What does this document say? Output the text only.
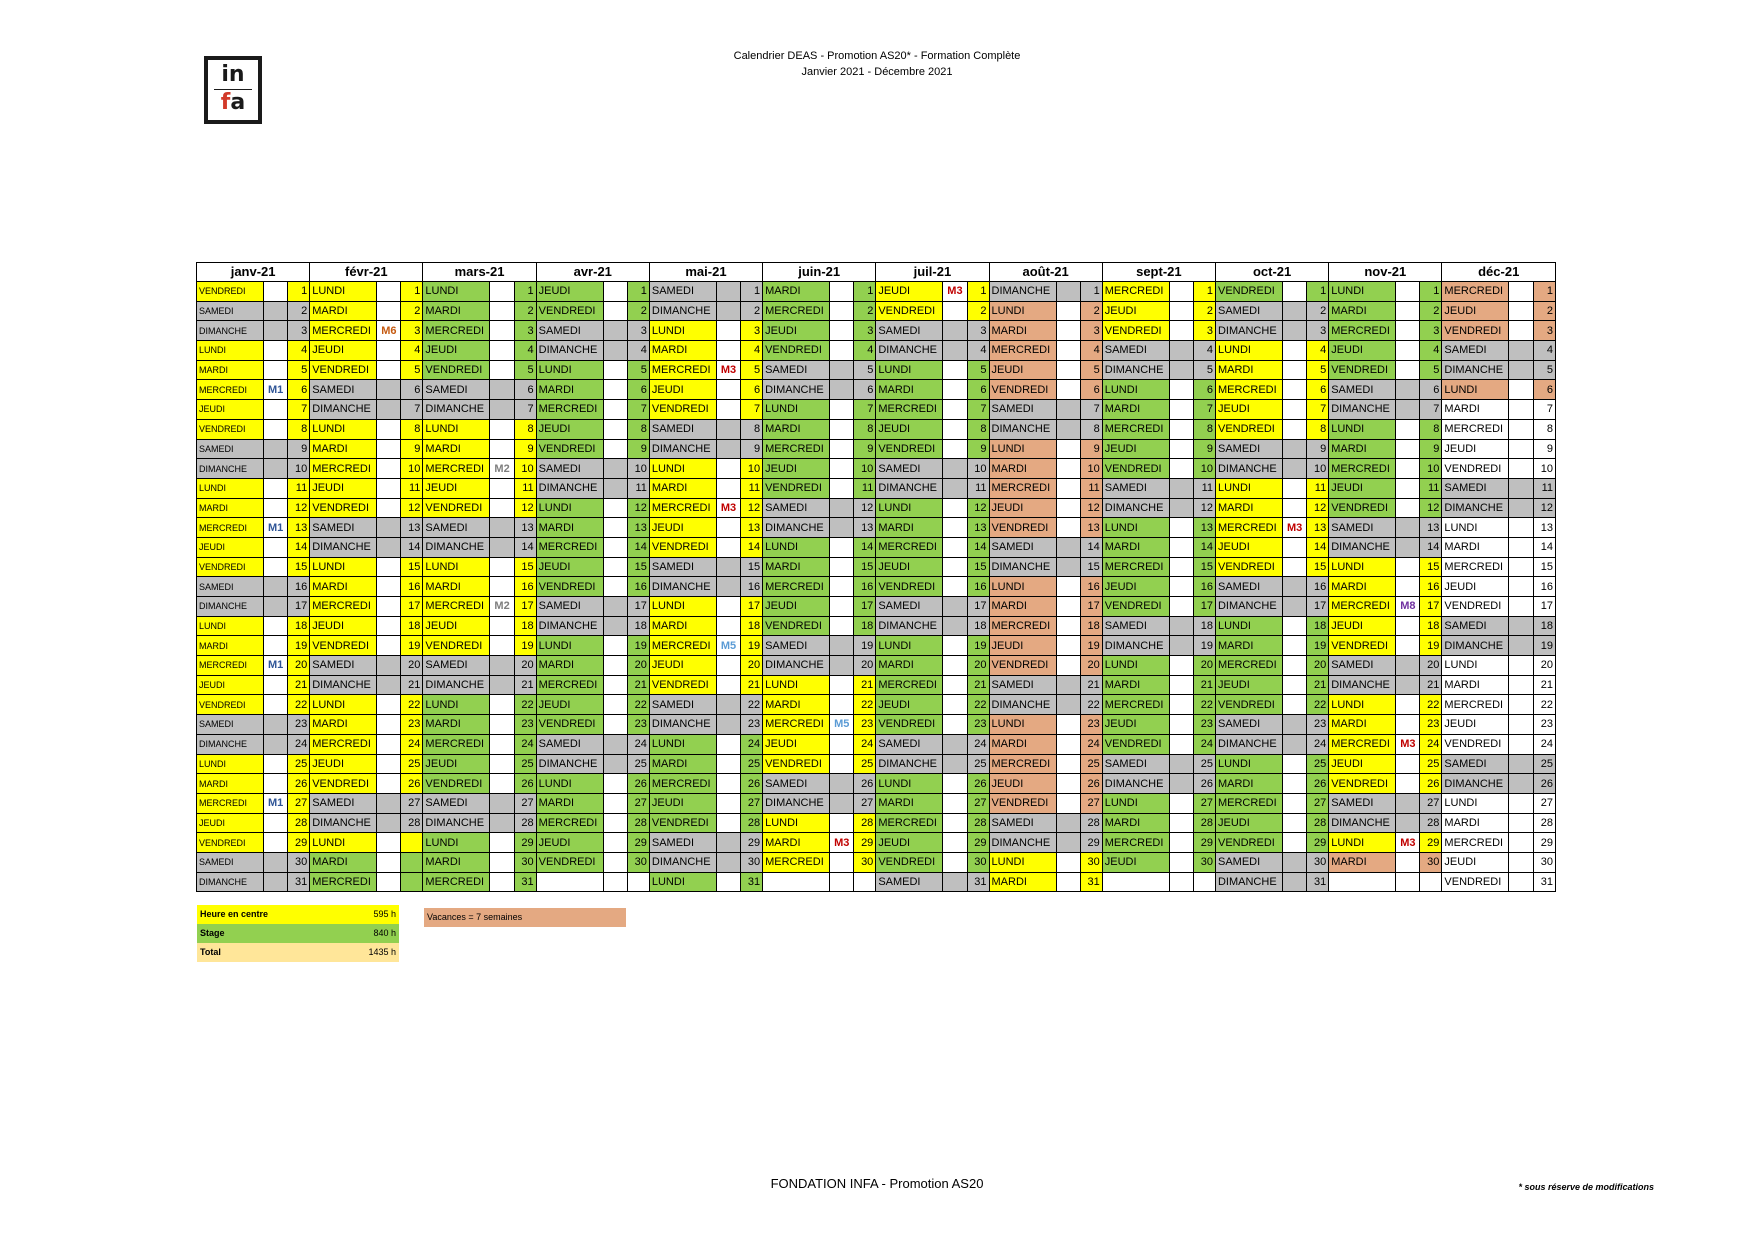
in
fa
Calendrier DEAS - Promotion AS20* - Formation Complète
Janvier 2021 - Décembre 2021
janv-21			févr-21			mars-21			avr-21			mai-21			juin-21			juil-21			août-21			sept-21			oct-21			nov-21			déc-21		
VENDREDI		1	LUNDI		1	LUNDI		1	JEUDI		1	SAMEDI		1	MARDI		1	JEUDI	M3	1	DIMANCHE		1	MERCREDI		1	VENDREDI		1	LUNDI		1	MERCREDI		1
SAMEDI		2	MARDI		2	MARDI		2	VENDREDI		2	DIMANCHE		2	MERCREDI		2	VENDREDI		2	LUNDI		2	JEUDI		2	SAMEDI		2	MARDI		2	JEUDI		2
DIMANCHE		3	MERCREDI	M6	3	MERCREDI		3	SAMEDI		3	LUNDI		3	JEUDI		3	SAMEDI		3	MARDI		3	VENDREDI		3	DIMANCHE		3	MERCREDI		3	VENDREDI		3
LUNDI		4	JEUDI		4	JEUDI		4	DIMANCHE		4	MARDI		4	VENDREDI		4	DIMANCHE		4	MERCREDI		4	SAMEDI		4	LUNDI		4	JEUDI		4	SAMEDI		4
MARDI		5	VENDREDI		5	VENDREDI		5	LUNDI		5	MERCREDI	M3	5	SAMEDI		5	LUNDI		5	JEUDI		5	DIMANCHE		5	MARDI		5	VENDREDI		5	DIMANCHE		5
MERCREDI	M1	6	SAMEDI		6	SAMEDI		6	MARDI		6	JEUDI		6	DIMANCHE		6	MARDI		6	VENDREDI		6	LUNDI		6	MERCREDI		6	SAMEDI		6	LUNDI		6
JEUDI		7	DIMANCHE		7	DIMANCHE		7	MERCREDI		7	VENDREDI		7	LUNDI		7	MERCREDI		7	SAMEDI		7	MARDI		7	JEUDI		7	DIMANCHE		7	MARDI		7
VENDREDI		8	LUNDI		8	LUNDI		8	JEUDI		8	SAMEDI		8	MARDI		8	JEUDI		8	DIMANCHE		8	MERCREDI		8	VENDREDI		8	LUNDI		8	MERCREDI		8
SAMEDI		9	MARDI		9	MARDI		9	VENDREDI		9	DIMANCHE		9	MERCREDI		9	VENDREDI		9	LUNDI		9	JEUDI		9	SAMEDI		9	MARDI		9	JEUDI		9
DIMANCHE		10	MERCREDI		10	MERCREDI	M2	10	SAMEDI		10	LUNDI		10	JEUDI		10	SAMEDI		10	MARDI		10	VENDREDI		10	DIMANCHE		10	MERCREDI		10	VENDREDI		10
LUNDI		11	JEUDI		11	JEUDI		11	DIMANCHE		11	MARDI		11	VENDREDI		11	DIMANCHE		11	MERCREDI		11	SAMEDI		11	LUNDI		11	JEUDI		11	SAMEDI		11
MARDI		12	VENDREDI		12	VENDREDI		12	LUNDI		12	MERCREDI	M3	12	SAMEDI		12	LUNDI		12	JEUDI		12	DIMANCHE		12	MARDI		12	VENDREDI		12	DIMANCHE		12
MERCREDI	M1	13	SAMEDI		13	SAMEDI		13	MARDI		13	JEUDI		13	DIMANCHE		13	MARDI		13	VENDREDI		13	LUNDI		13	MERCREDI	M3	13	SAMEDI		13	LUNDI		13
JEUDI		14	DIMANCHE		14	DIMANCHE		14	MERCREDI		14	VENDREDI		14	LUNDI		14	MERCREDI		14	SAMEDI		14	MARDI		14	JEUDI		14	DIMANCHE		14	MARDI		14
VENDREDI		15	LUNDI		15	LUNDI		15	JEUDI		15	SAMEDI		15	MARDI		15	JEUDI		15	DIMANCHE		15	MERCREDI		15	VENDREDI		15	LUNDI		15	MERCREDI		15
SAMEDI		16	MARDI		16	MARDI		16	VENDREDI		16	DIMANCHE		16	MERCREDI		16	VENDREDI		16	LUNDI		16	JEUDI		16	SAMEDI		16	MARDI		16	JEUDI		16
DIMANCHE		17	MERCREDI		17	MERCREDI	M2	17	SAMEDI		17	LUNDI		17	JEUDI		17	SAMEDI		17	MARDI		17	VENDREDI		17	DIMANCHE		17	MERCREDI	M8	17	VENDREDI		17
LUNDI		18	JEUDI		18	JEUDI		18	DIMANCHE		18	MARDI		18	VENDREDI		18	DIMANCHE		18	MERCREDI		18	SAMEDI		18	LUNDI		18	JEUDI		18	SAMEDI		18
MARDI		19	VENDREDI		19	VENDREDI		19	LUNDI		19	MERCREDI	M5	19	SAMEDI		19	LUNDI		19	JEUDI		19	DIMANCHE		19	MARDI		19	VENDREDI		19	DIMANCHE		19
MERCREDI	M1	20	SAMEDI		20	SAMEDI		20	MARDI		20	JEUDI		20	DIMANCHE		20	MARDI		20	VENDREDI		20	LUNDI		20	MERCREDI		20	SAMEDI		20	LUNDI		20
JEUDI		21	DIMANCHE		21	DIMANCHE		21	MERCREDI		21	VENDREDI		21	LUNDI		21	MERCREDI		21	SAMEDI		21	MARDI		21	JEUDI		21	DIMANCHE		21	MARDI		21
VENDREDI		22	LUNDI		22	LUNDI		22	JEUDI		22	SAMEDI		22	MARDI		22	JEUDI		22	DIMANCHE		22	MERCREDI		22	VENDREDI		22	LUNDI		22	MERCREDI		22
SAMEDI		23	MARDI		23	MARDI		23	VENDREDI		23	DIMANCHE		23	MERCREDI	M5	23	VENDREDI		23	LUNDI		23	JEUDI		23	SAMEDI		23	MARDI		23	JEUDI		23
DIMANCHE		24	MERCREDI		24	MERCREDI		24	SAMEDI		24	LUNDI		24	JEUDI		24	SAMEDI		24	MARDI		24	VENDREDI		24	DIMANCHE		24	MERCREDI	M3	24	VENDREDI		24
LUNDI		25	JEUDI		25	JEUDI		25	DIMANCHE		25	MARDI		25	VENDREDI		25	DIMANCHE		25	MERCREDI		25	SAMEDI		25	LUNDI		25	JEUDI		25	SAMEDI		25
MARDI		26	VENDREDI		26	VENDREDI		26	LUNDI		26	MERCREDI		26	SAMEDI		26	LUNDI		26	JEUDI		26	DIMANCHE		26	MARDI		26	VENDREDI		26	DIMANCHE		26
MERCREDI	M1	27	SAMEDI		27	SAMEDI		27	MARDI		27	JEUDI		27	DIMANCHE		27	MARDI		27	VENDREDI		27	LUNDI		27	MERCREDI		27	SAMEDI		27	LUNDI		27
JEUDI		28	DIMANCHE		28	DIMANCHE		28	MERCREDI		28	VENDREDI		28	LUNDI		28	MERCREDI		28	SAMEDI		28	MARDI		28	JEUDI		28	DIMANCHE		28	MARDI		28
VENDREDI		29	LUNDI			LUNDI		29	JEUDI		29	SAMEDI		29	MARDI	M3	29	JEUDI		29	DIMANCHE		29	MERCREDI		29	VENDREDI		29	LUNDI	M3	29	MERCREDI		29
SAMEDI		30	MARDI			MARDI		30	VENDREDI		30	DIMANCHE		30	MERCREDI		30	VENDREDI		30	LUNDI		30	JEUDI		30	SAMEDI		30	MARDI		30	JEUDI		30
DIMANCHE		31	MERCREDI			MERCREDI		31				LUNDI		31				SAMEDI		31	MARDI		31				DIMANCHE		31				VENDREDI		31
Heure en centre	595 h
Stage	840 h
Total	1435 h
Vacances = 7 semaines
FONDATION INFA - Promotion AS20	* sous réserve de modifications
